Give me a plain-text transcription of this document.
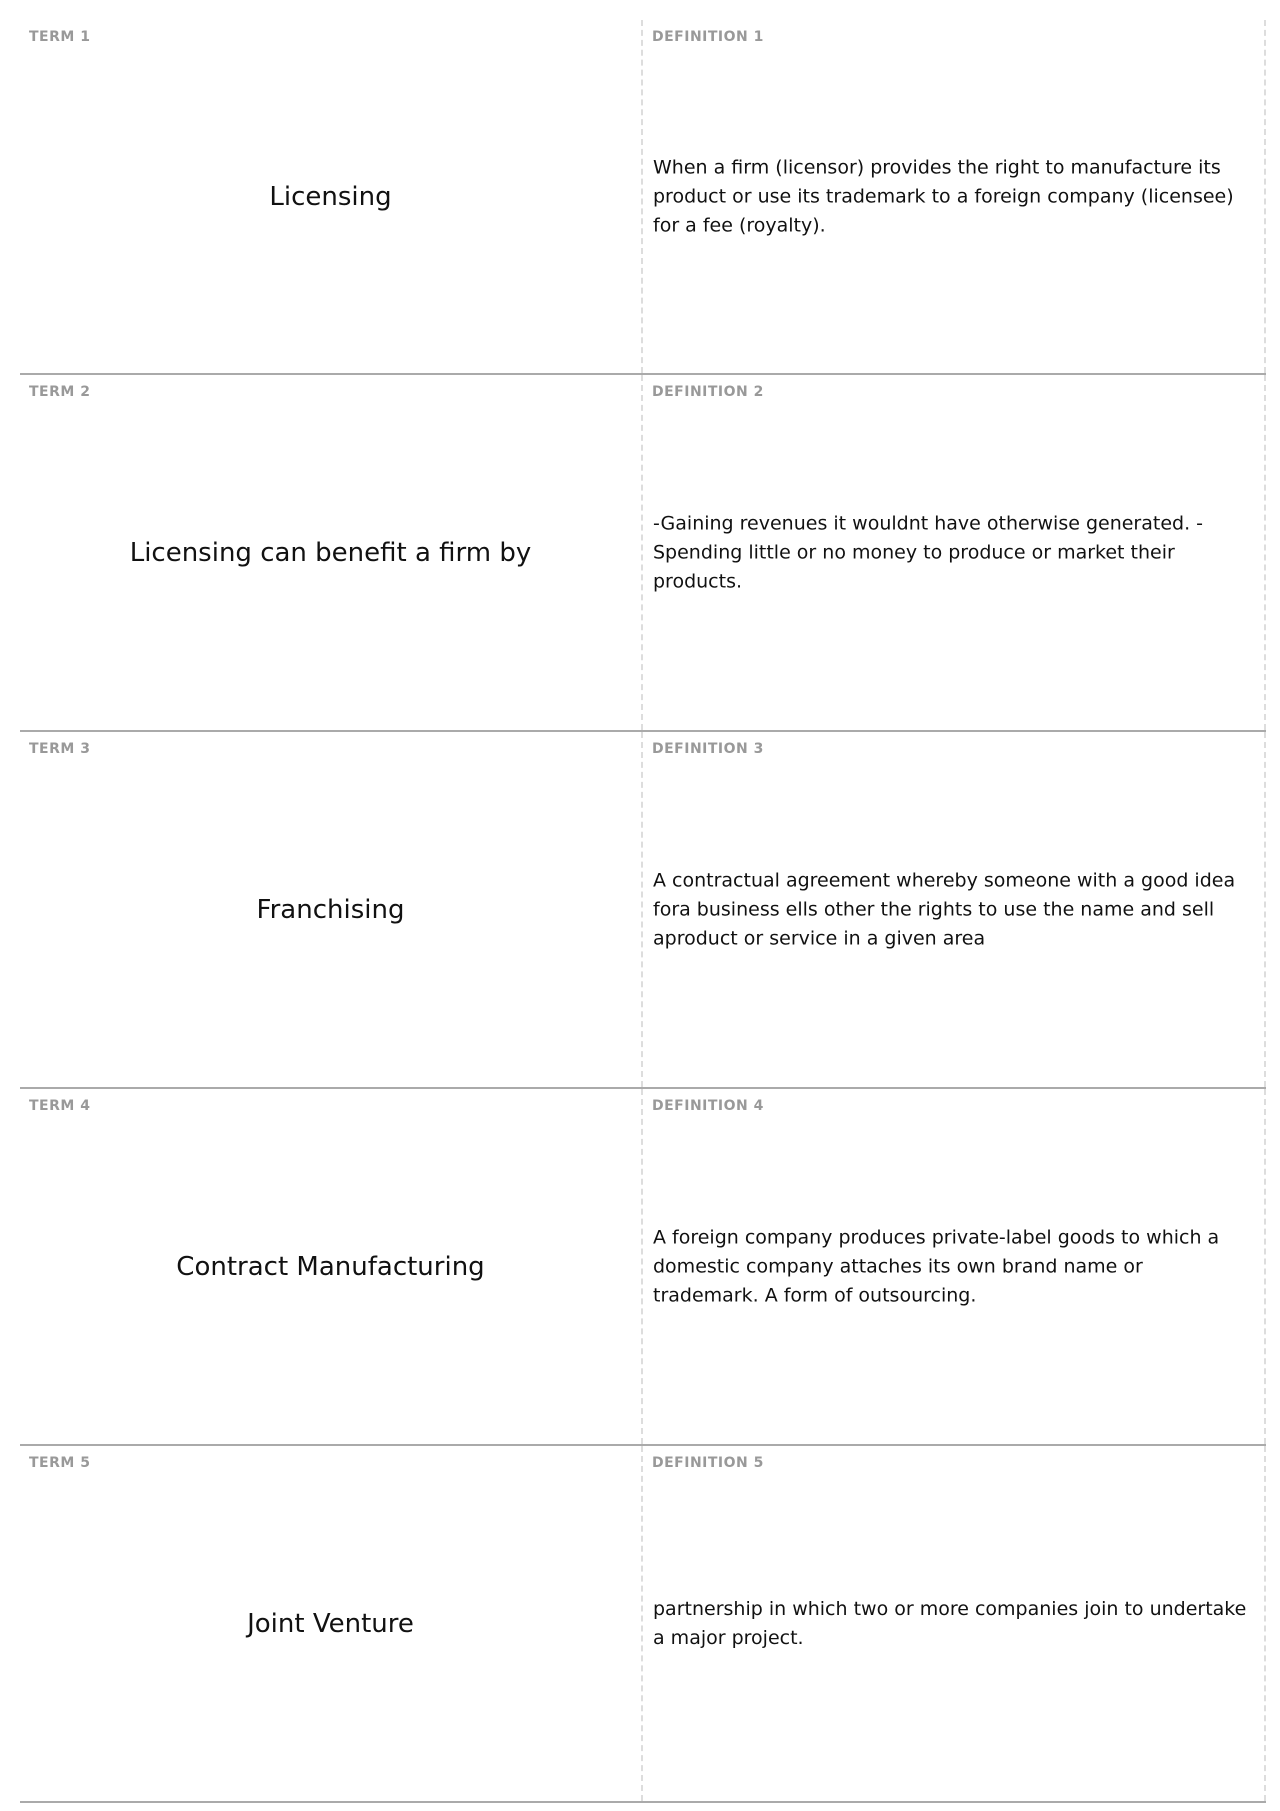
TERM 1
Licensing
DEFINITION 1
When a firm (licensor) provides the right to manufacture its product or use its trademark to a foreign company (licensee) for a fee (royalty).
TERM 2
Licensing can benefit a firm by
DEFINITION 2
-Gaining revenues it wouldnt have otherwise generated. -Spending little or no money to produce or market their products.
TERM 3
Franchising
DEFINITION 3
A contractual agreement whereby someone with a good idea fora business ells other the rights to use the name and sell aproduct or service in a given area
TERM 4
Contract Manufacturing
DEFINITION 4
A foreign company produces private-label goods to which a domestic company attaches its own brand name or trademark. A form of outsourcing.
TERM 5
Joint Venture
DEFINITION 5
partnership in which two or more companies join to undertake a major project.
